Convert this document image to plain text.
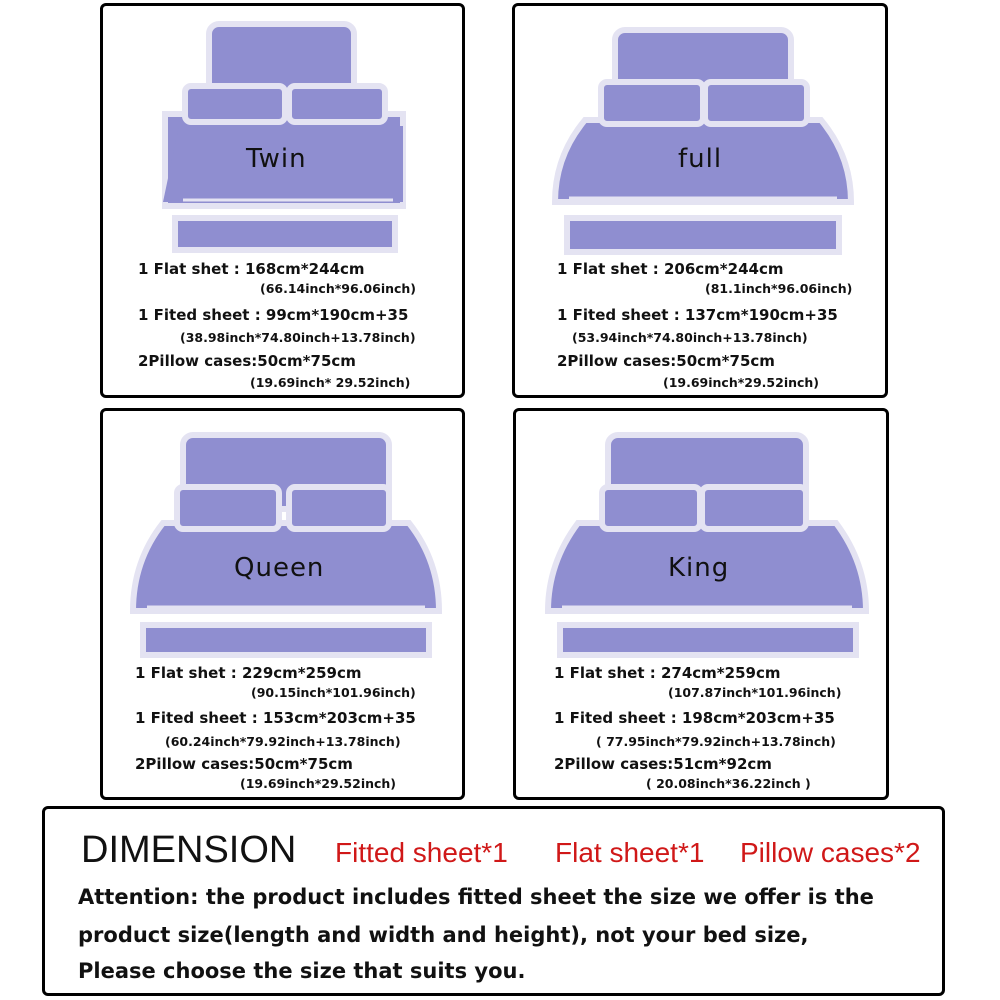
Twin
1 Flat shet : 168cm*244cm
(66.14inch*96.06inch)
1 Fited sheet : 99cm*190cm+35
(38.98inch*74.80inch+13.78inch)
2Pillow cases:50cm*75cm
(19.69inch* 29.52inch)
full
1 Flat shet : 206cm*244cm
(81.1inch*96.06inch)
1 Fited sheet : 137cm*190cm+35
(53.94inch*74.80inch+13.78inch)
2Pillow cases:50cm*75cm
(19.69inch*29.52inch)
Queen
1 Flat shet : 229cm*259cm
(90.15inch*101.96inch)
1 Fited sheet : 153cm*203cm+35
(60.24inch*79.92inch+13.78inch)
2Pillow cases:50cm*75cm
(19.69inch*29.52inch)
King
1 Flat shet : 274cm*259cm
(107.87inch*101.96inch)
1 Fited sheet : 198cm*203cm+35
( 77.95inch*79.92inch+13.78inch)
2Pillow cases:51cm*92cm
( 20.08inch*36.22inch )
DIMENSION Fitted sheet*1 Flat sheet*1 Pillow cases*2
Attention: the product includes fitted sheet the size we offer is the
product size(length and width and height), not your bed size,
Please choose the size that suits you.
